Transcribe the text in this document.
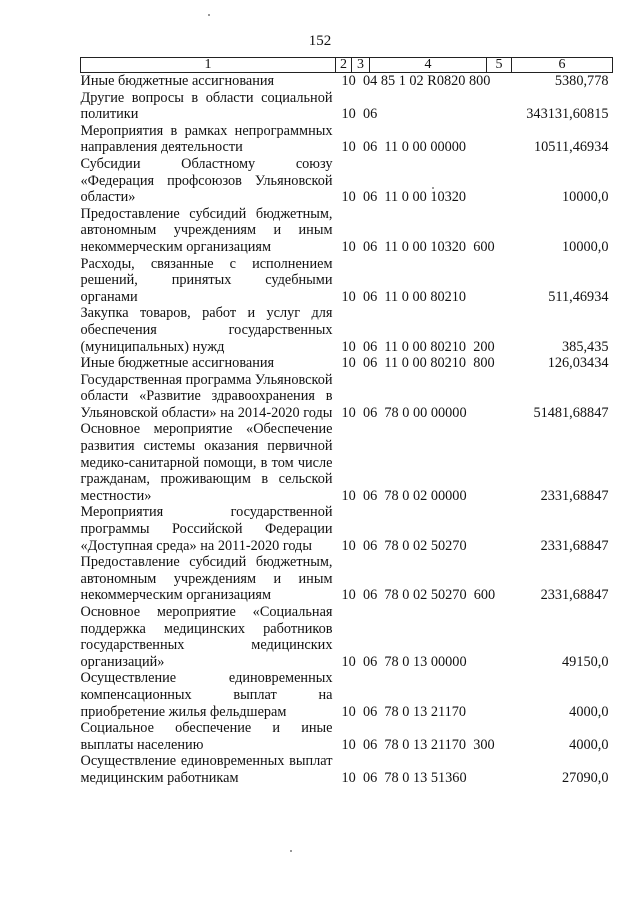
152
1	2	3	4	5	6
Иные бюджетные ассигнования	10  04 85 1 02 R0820 800				5380,778
Другие вопросы в области социальной политики	10  06				343131,60815
Мероприятия в рамках непрограммных направления деятельности	10  06  11 0 00 00000				10511,46934
Субсидии Областному союзу «Федерация профсоюзов Ульяновской области»	10  06  11 0 00 10320				10000,0
Предоставление субсидий бюджетным, автономным учреждениям и иным некоммерческим организациям	10  06  11 0 00 10320  600				10000,0
Расходы, связанные с исполнением решений, принятых судебными органами	10  06  11 0 00 80210				511,46934
Закупка товаров, работ и услуг для обеспечения государственных (муниципальных) нужд	10  06  11 0 00 80210  200				385,435
Иные бюджетные ассигнования	10  06  11 0 00 80210  800				126,03434
Государственная программа Ульяновской области «Развитие здравоохранения в Ульяновской области» на 2014-2020 годы	10  06  78 0 00 00000				51481,68847
Основное мероприятие «Обеспечение развития системы оказания первичной медико-санитарной помощи, в том числе гражданам, проживающим в сельской местности»	10  06  78 0 02 00000				2331,68847
Мероприятия государственной программы Российской Федерации «Доступная среда» на 2011-2020 годы	10  06  78 0 02 50270				2331,68847
Предоставление субсидий бюджетным, автономным учреждениям и иным некоммерческим организациям	10  06  78 0 02 50270  600				2331,68847
Основное мероприятие «Социальная поддержка медицинских работников государственных медицинских организаций»	10  06  78 0 13 00000				49150,0
Осуществление единовременных компенсационных выплат на приобретение жилья фельдшерам	10  06  78 0 13 21170				4000,0
Социальное обеспечение и иные выплаты населению	10  06  78 0 13 21170  300				4000,0
Осуществление единовременных выплат медицинским работникам	10  06  78 0 13 51360				27090,0
